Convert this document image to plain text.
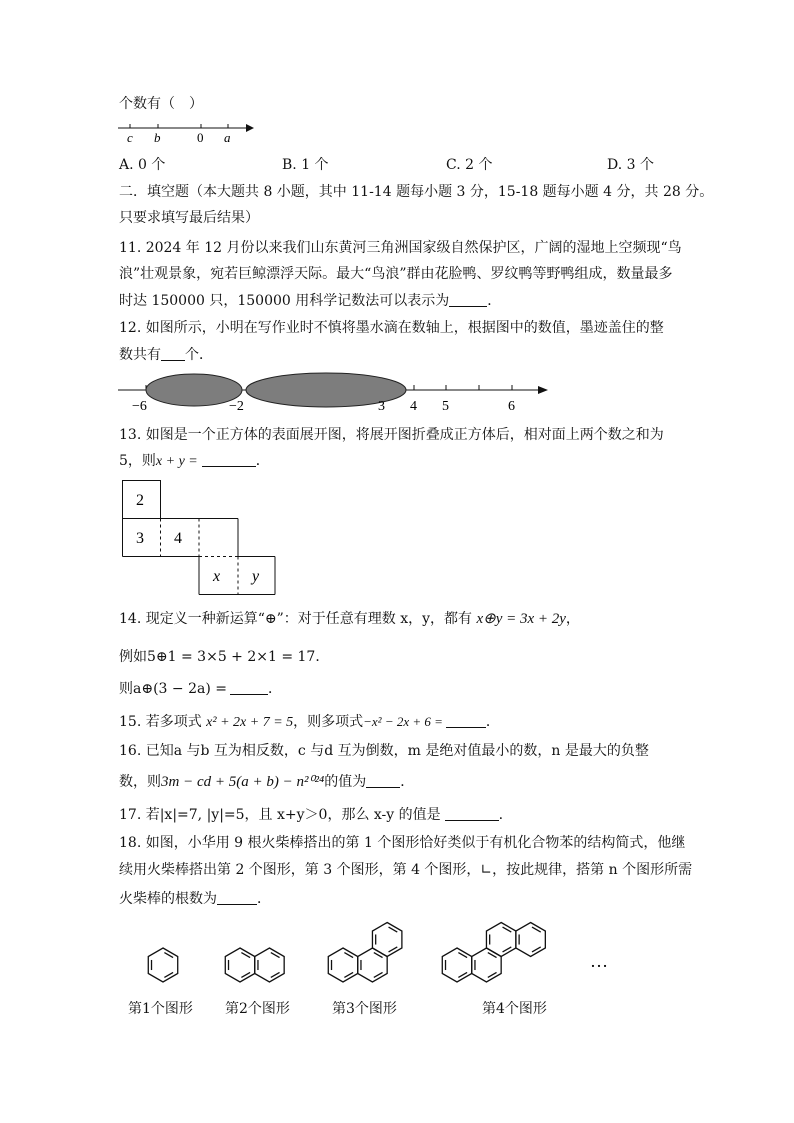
个数有（　）
c b	0 a
A. 0 个	B. 1 个	C. 2 个	D. 3 个
二．填空题（本大题共 8 小题，其中 11-14 题每小题 3 分，15-18 题每小题 4 分，共 28 分。
只要求填写最后结果）
11. 2024 年 12 月份以来我们山东黄河三角洲国家级自然保护区，广阔的湿地上空频现“鸟
浪”壮观景象，宛若巨鲸漂浮天际。最大“鸟浪”群由花脸鸭、罗纹鸭等野鸭组成，数量最多
时达 150000 只，150000 用科学记数法可以表示为	．
12. 如图所示，小明在写作业时不慎将墨水滴在数轴上，根据图中的数值，墨迹盖住的整
数共有 个．
−6	−2	3 4 5	6
13. 如图是一个正方体的表面展开图，将展开图折叠成正方体后，相对面上两个数之和为
5，则x + y =	．
2
3 4
x y
14. 现定义一种新运算“⊕”：对于任意有理数 x，y，都有 x⊕y = 3x + 2y，
例如5⊕1 = 3×5 + 2×1 = 17．
则a⊕(3 − 2a) =	．
15. 若多项式 x² + 2x + 7 = 5，则多项式−x² − 2x + 6 =	．
16. 已知a 与b 互为相反数，c 与d 互为倒数，m 是绝对值最小的数，n 是最大的负整
数，则3m − cd + 5(a + b) − n²⁰²⁴的值为 ．
17. 若|x|=7, |y|=5，且 x+y＞0，那么 x-y 的值是	.
18. 如图，小华用 9 根火柴棒搭出的第 1 个图形恰好类似于有机化合物苯的结构简式，他继
续用火柴棒搭出第 2 个图形，第 3 个图形，第 4 个图形，∟，按此规律，搭第 n 个图形所需
火柴棒的根数为	．
…
第1个图形 第2个图形	第3个图形	第4个图形
